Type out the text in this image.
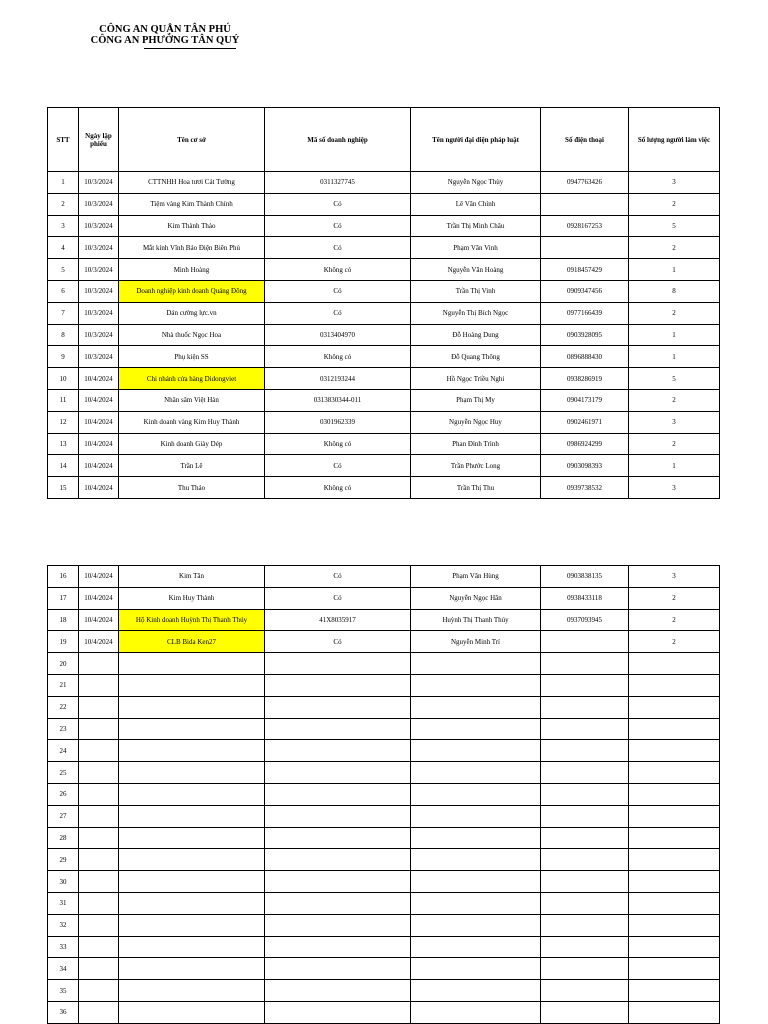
CÔNG AN QUẬN TÂN PHÚ
CÔNG AN PHƯỜNG TÂN QUÝ
STT	Ngày lập phiếu	Tên cơ sở	Mã số doanh nghiệp	Tên người đại diện pháp luật	Số điện thoại	Số lượng người làm việc
1	10/3/2024	CTTNHH Hoa tươi Cát Tường	0311327745	Nguyễn Ngọc Thùy	0947763426	3
2	10/3/2024	Tiệm vàng Kim Thành Chính	Có	Lê Văn Chính		2
3	10/3/2024	Kim Thành Thảo	Có	Trần Thị Minh Châu	0928167253	5
4	10/3/2024	Mắt kính Vĩnh Bảo Điện Biên Phủ	Có	Phạm Văn Vinh		2
5	10/3/2024	Minh Hoàng	Không có	Nguyễn Văn Hoàng	0918457429	1
6	10/3/2024	Doanh nghiệp kinh doanh Quảng Đông	Có	Trần Thị Vinh	0909347456	8
7	10/3/2024	Dán cường lực.vn	Có	Nguyễn Thị Bích Ngọc	0977166439	2
8	10/3/2024	Nhà thuốc Ngọc Hoa	0313404970	Đỗ Hoàng Dung	0903928095	1
9	10/3/2024	Phụ kiện SS	Không có	Đỗ Quang Thông	0896888430	1
10	10/4/2024	Chi nhánh cửa hàng Didongviet	0312193244	Hồ Ngọc Triều Nghi	0938286919	5
11	10/4/2024	Nhân sâm Việt Hàn	0313830344-011	Phạm Thị My	0904173179	2
12	10/4/2024	Kinh doanh vàng Kim Huy Thành	0301962339	Nguyễn Ngọc Huy	0902461971	3
13	10/4/2024	Kinh doanh Giày Dép	Không có	Phan Đình Trình	0986924299	2
14	10/4/2024	Trần Lê	Có	Trần Phước Long	0903098393	1
15	10/4/2024	Thu Thảo	Không có	Trần Thị Thu	0939738532	3
16	10/4/2024	Kim Tân	Có	Phạm Văn Hùng	0903838135	3
17	10/4/2024	Kim Huy Thành	Có	Nguyễn Ngọc Hân	0938433118	2
18	10/4/2024	Hộ Kinh doanh Huỳnh Thị Thanh Thúy	41X8035917	Huỳnh Thị Thanh Thúy	0937093945	2
19	10/4/2024	CLB Bida Ken27	Có	Nguyễn Minh Trí		2
20						
21						
22						
23						
24						
25						
26						
27						
28						
29						
30						
31						
32						
33						
34						
35						
36						
